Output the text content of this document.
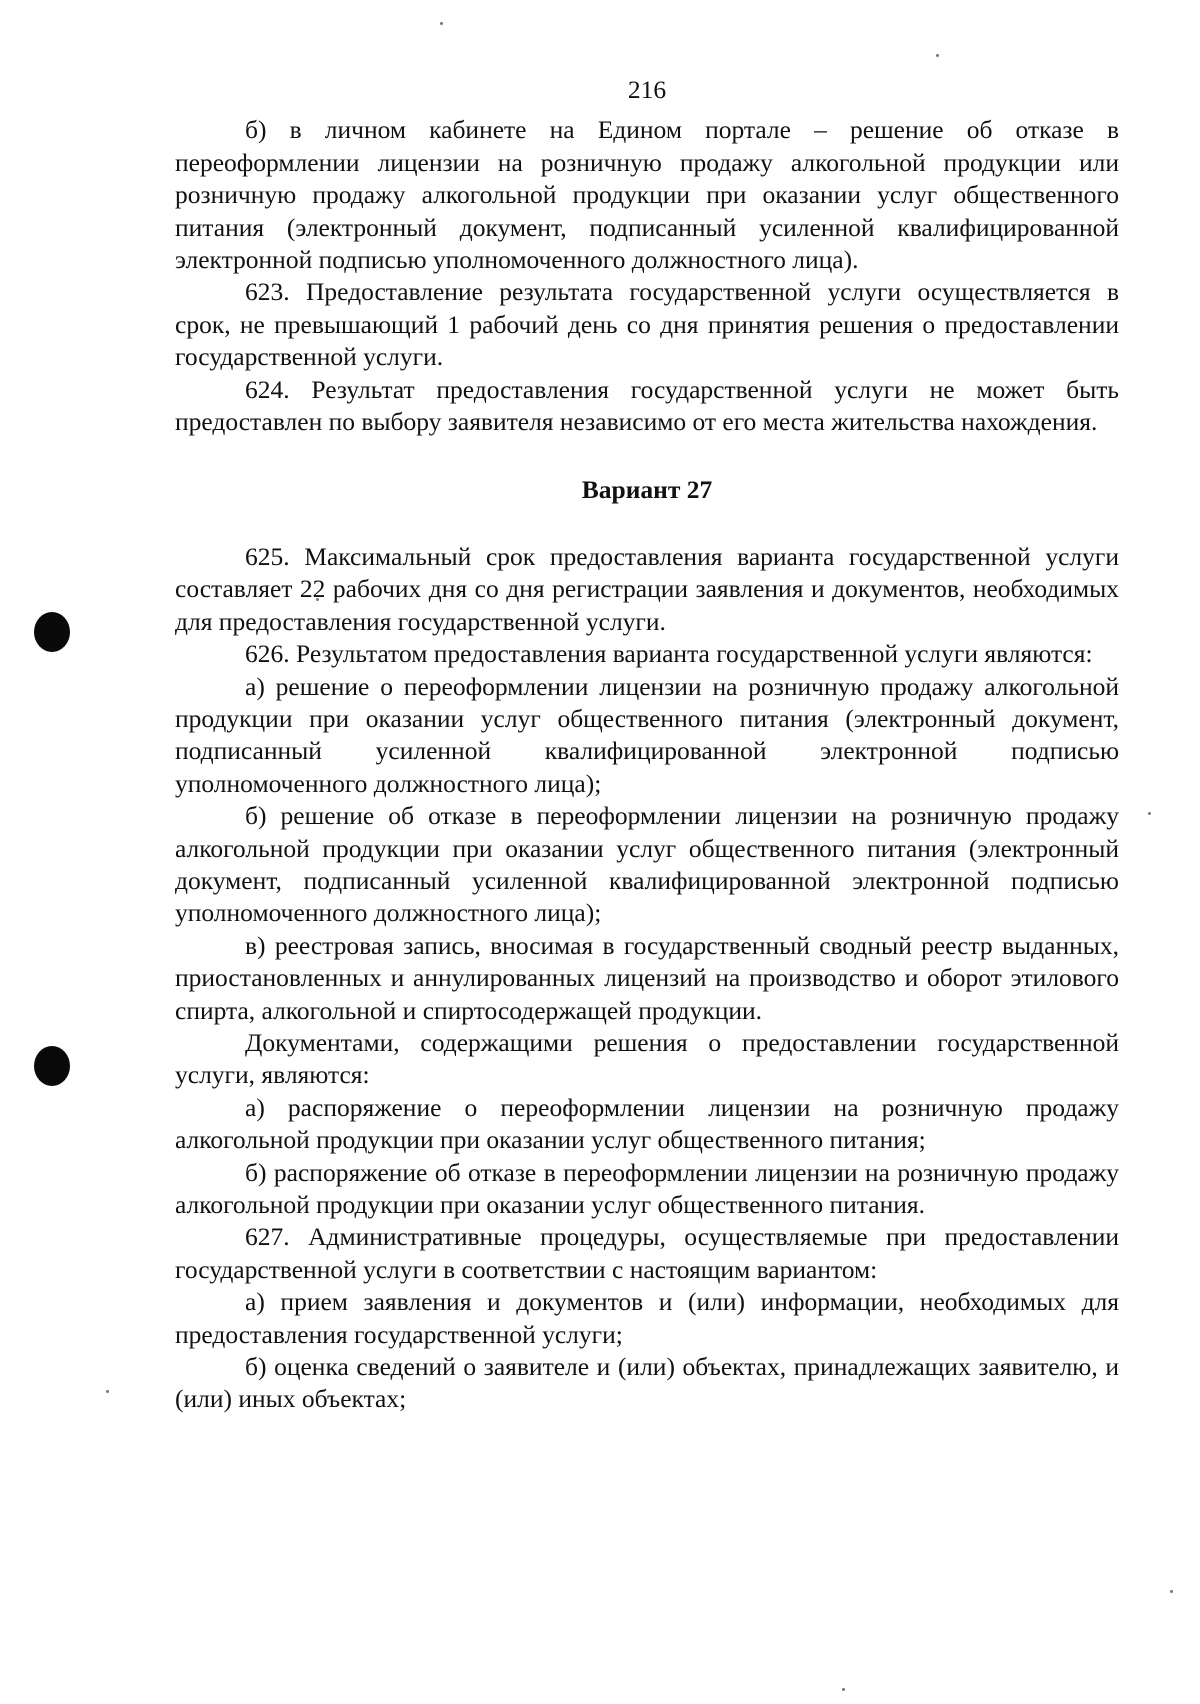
216

б) в личном кабинете на Едином портале – решение об отказе в переоформлении лицензии на розничную продажу алкогольной продукции или розничную продажу алкогольной продукции при оказании услуг общественного питания (электронный документ, подписанный усиленной квалифицированной электронной подписью уполномоченного должностного лица).

623. Предоставление результата государственной услуги осуществляется в срок, не превышающий 1 рабочий день со дня принятия решения о предоставлении государственной услуги.

624. Результат предоставления государственной услуги не может быть предоставлен по выбору заявителя независимо от его места жительства нахождения.

Вариант 27

625. Максимальный срок предоставления варианта государственной услуги составляет 22 рабочих дня со дня регистрации заявления и документов, необходимых для предоставления государственной услуги.

626. Результатом предоставления варианта государственной услуги являются:

а) решение о переоформлении лицензии на розничную продажу алкогольной продукции при оказании услуг общественного питания (электронный документ, подписанный усиленной квалифицированной электронной подписью уполномоченного должностного лица);

б) решение об отказе в переоформлении лицензии на розничную продажу алкогольной продукции при оказании услуг общественного питания (электронный документ, подписанный усиленной квалифицированной электронной подписью уполномоченного должностного лица);

в) реестровая запись, вносимая в государственный сводный реестр выданных, приостановленных и аннулированных лицензий на производство и оборот этилового спирта, алкогольной и спиртосодержащей продукции.

Документами, содержащими решения о предоставлении государственной услуги, являются:

а) распоряжение о переоформлении лицензии на розничную продажу алкогольной продукции при оказании услуг общественного питания;

б) распоряжение об отказе в переоформлении лицензии на розничную продажу алкогольной продукции при оказании услуг общественного питания.

627. Административные процедуры, осуществляемые при предоставлении государственной услуги в соответствии с настоящим вариантом:

а) прием заявления и документов и (или) информации, необходимых для предоставления государственной услуги;

б) оценка сведений о заявителе и (или) объектах, принадлежащих заявителю, и (или) иных объектах;
